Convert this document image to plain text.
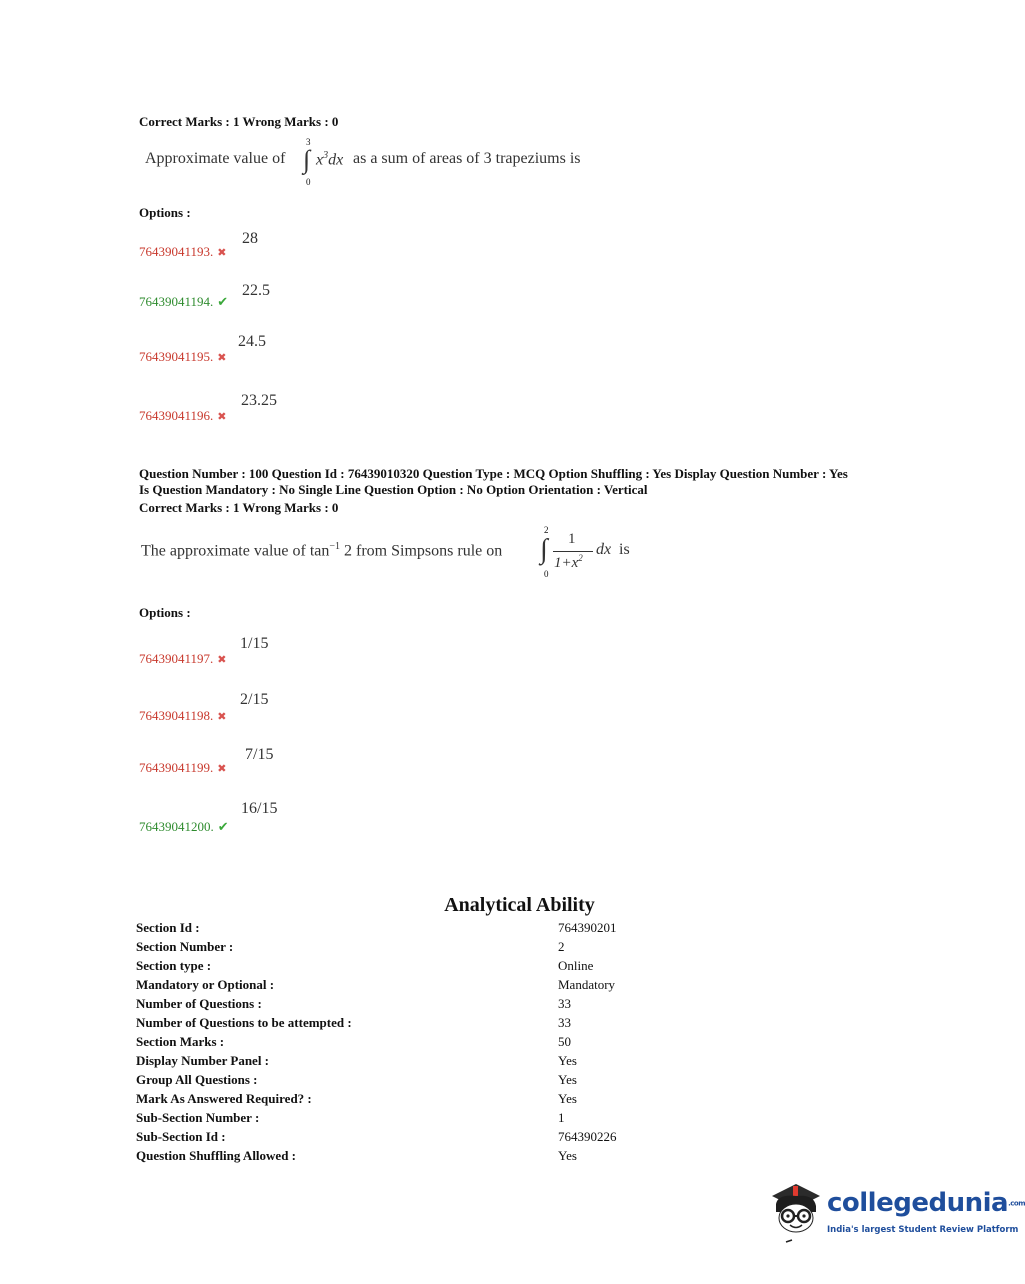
Correct Marks : 1 Wrong Marks : 0
Approximate value of
3
∫
0
$x^3dx$ as a sum of areas of 3 trapeziums is
Options :
76439041193. ✖
28
76439041194. ✔
22.5
76439041195. ✖
24.5
76439041196. ✖
23.25
Question Number : 100 Question Id : 76439010320 Question Type : MCQ Option Shuffling : Yes Display Question Number : Yes
Is Question Mandatory : No Single Line Question Option : No Option Orientation : Vertical
Correct Marks : 1 Wrong Marks : 0
The approximate value of $\tan^{-1} 2$ from Simpsons rule on
2
∫
0
1
$1+x^2$ dx is
Options :
76439041197. ✖
1/15
76439041198. ✖
2/15
76439041199. ✖
7/15
76439041200. ✔
16/15
Analytical Ability
Section Id :	764390201
Section Number :	2
Section type :	Online
Mandatory or Optional :	Mandatory
Number of Questions :	33
Number of Questions to be attempted :	33
Section Marks :	50
Display Number Panel :	Yes
Group All Questions :	Yes
Mark As Answered Required? :	Yes
Sub-Section Number :	1
Sub-Section Id :	764390226
Question Shuffling Allowed :	Yes
collegedunia.com
India's largest Student Review Platform
